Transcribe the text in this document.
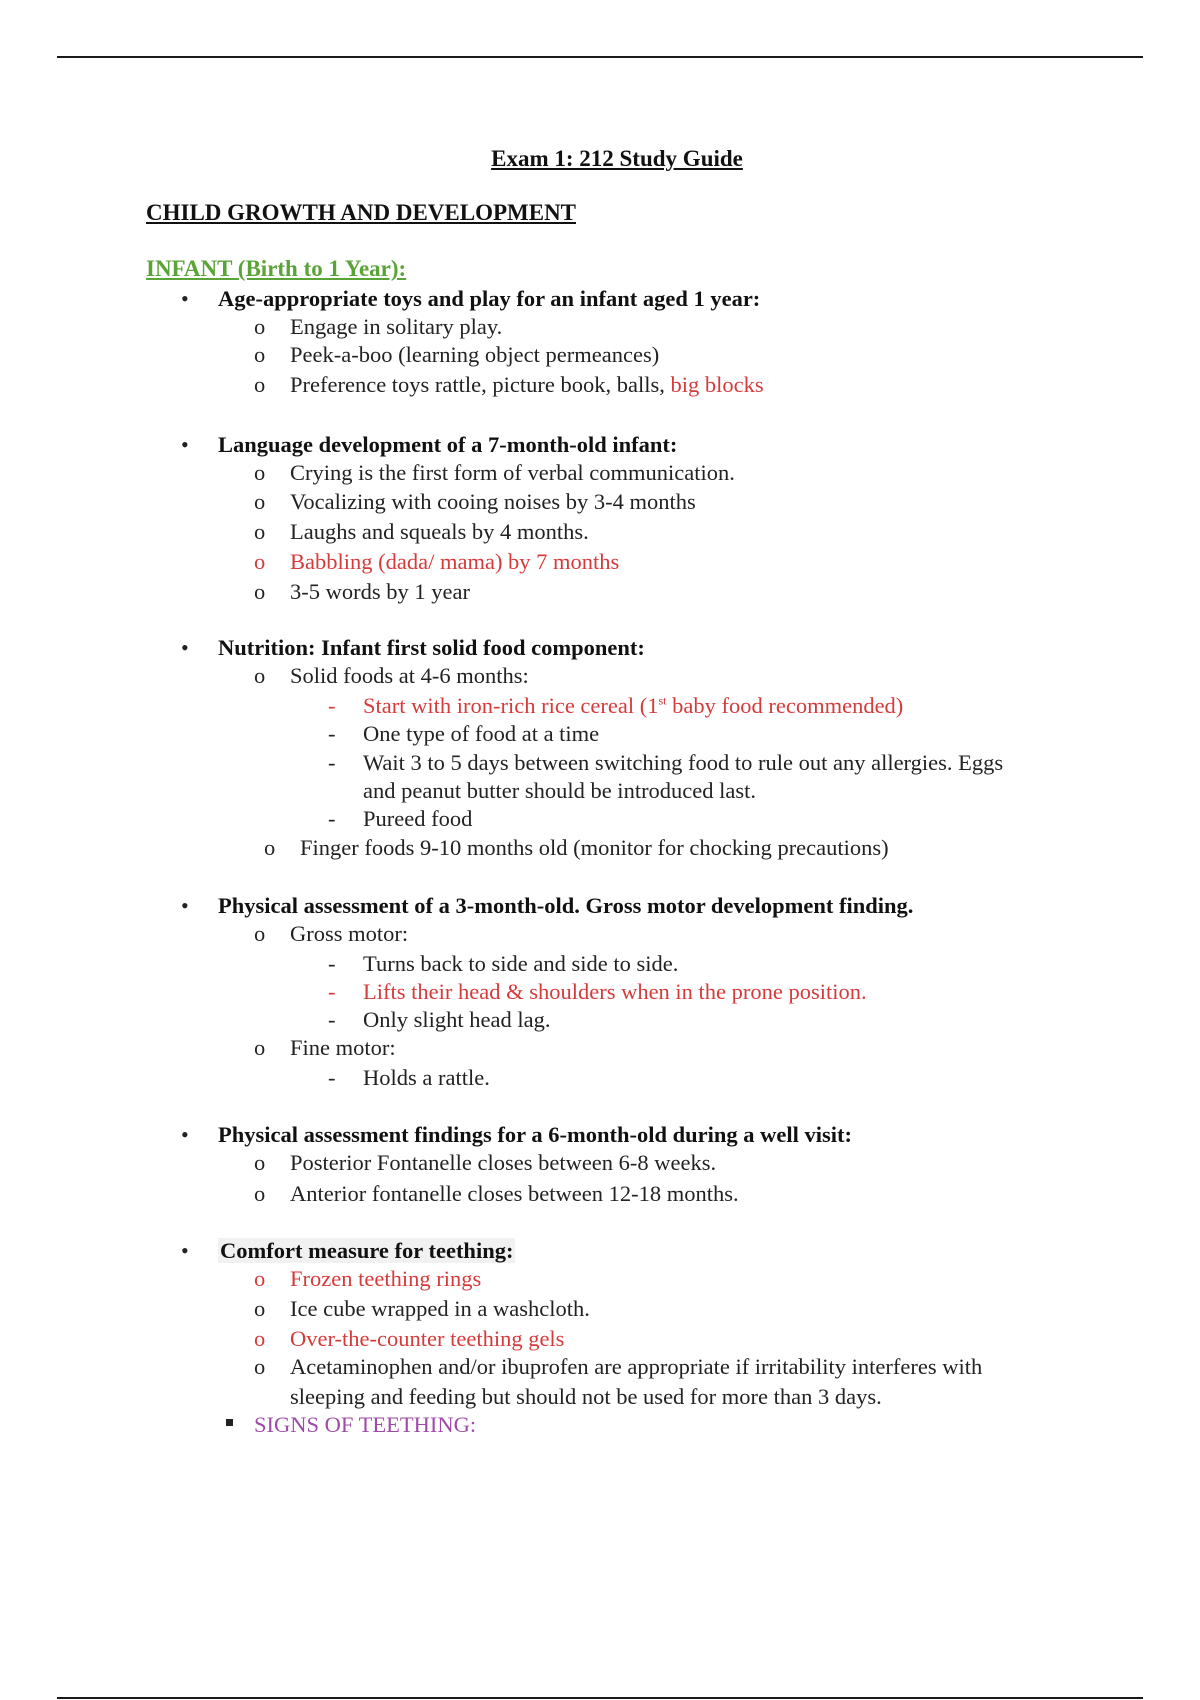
Exam 1: 212 Study Guide
CHILD GROWTH AND DEVELOPMENT
INFANT (Birth to 1 Year):
• Age-appropriate toys and play for an infant aged 1 year:
o Engage in solitary play.
o Peek-a-boo (learning object permeances)
o Preference toys rattle, picture book, balls, big blocks
• Language development of a 7-month-old infant:
o Crying is the first form of verbal communication.
o Vocalizing with cooing noises by 3-4 months
o Laughs and squeals by 4 months.
o Babbling (dada/ mama) by 7 months
o 3-5 words by 1 year
• Nutrition: Infant first solid food component:
o Solid foods at 4-6 months:
- Start with iron-rich rice cereal (1st baby food recommended)
- One type of food at a time
- Wait 3 to 5 days between switching food to rule out any allergies. Eggs
and peanut butter should be introduced last.
- Pureed food
o Finger foods 9-10 months old (monitor for chocking precautions)
• Physical assessment of a 3-month-old. Gross motor development finding.
o Gross motor:
- Turns back to side and side to side.
- Lifts their head & shoulders when in the prone position.
- Only slight head lag.
o Fine motor:
- Holds a rattle.
• Physical assessment findings for a 6-month-old during a well visit:
o Posterior Fontanelle closes between 6-8 weeks.
o Anterior fontanelle closes between 12-18 months.
• Comfort measure for teething:
o Frozen teething rings
o Ice cube wrapped in a washcloth.
o Over-the-counter teething gels
o Acetaminophen and/or ibuprofen are appropriate if irritability interferes with
sleeping and feeding but should not be used for more than 3 days.
SIGNS OF TEETHING:
